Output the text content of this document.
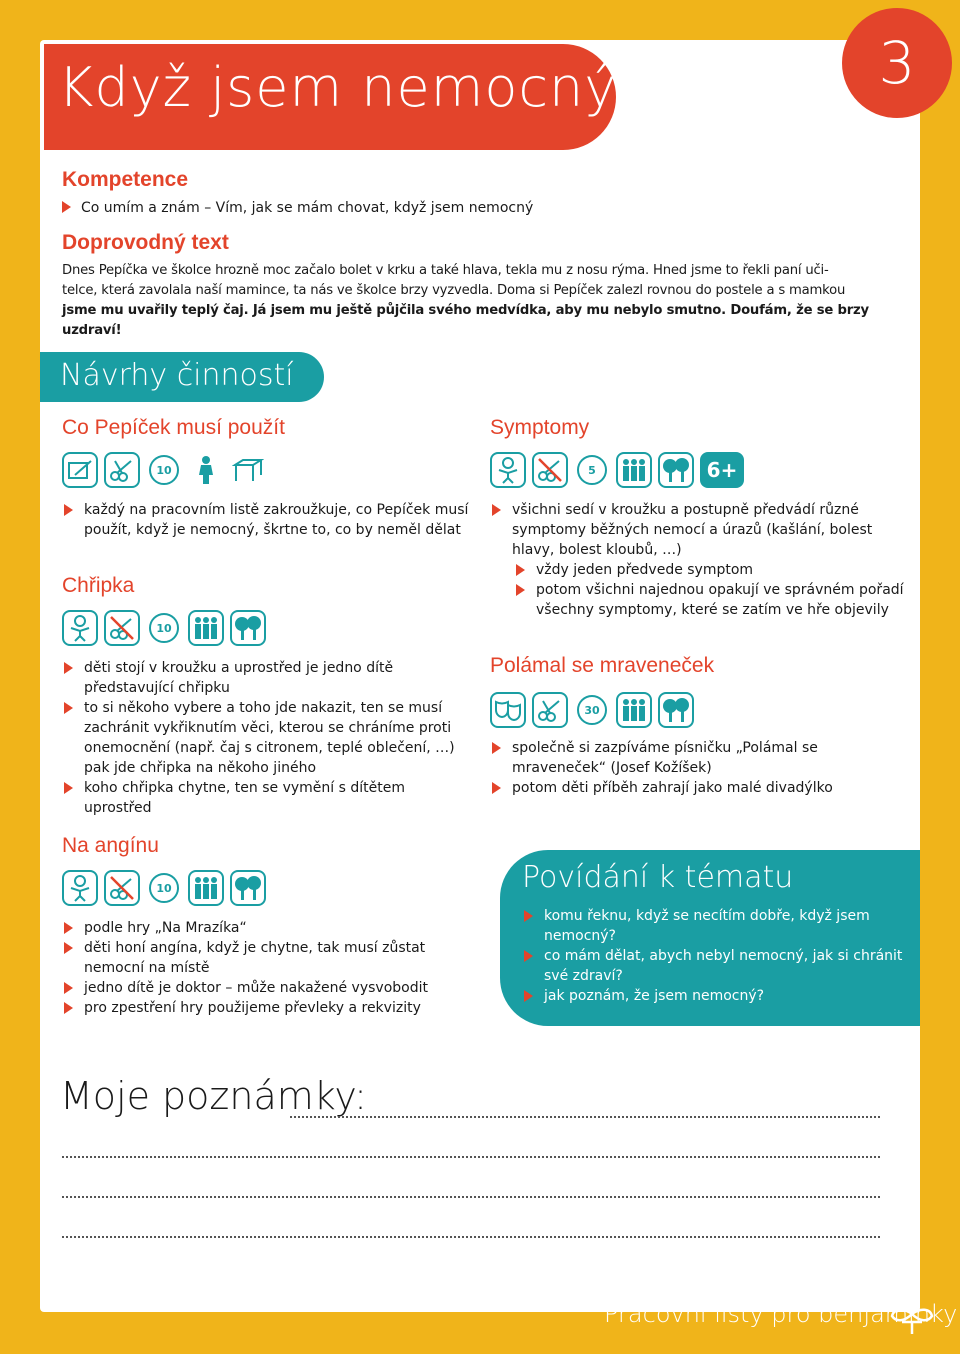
Když jsem nemocný	3
Kompetence
Co umím a znám – Vím, jak se mám chovat, když jsem nemocný
Doprovodný text
Dnes Pepíčka ve školce hrozně moc začalo bolet v krku a také hlava, tekla mu z nosu rýma. Hned jsme to řekli paní uči-
telce, která zavolala naší mamince, ta nás ve školce brzy vyzvedla. Doma si Pepíček zalezl rovnou do postele a s mamkou
jsme mu uvařily teplý čaj. Já jsem mu ještě půjčila svého medvídka, aby mu nebylo smutno. Doufám, že se brzy uzdraví!
Návrhy činností
Co Pepíček musí použít
10
každý na pracovním listě zakroužkuje, co Pepíček musí použít, když je nemocný, škrtne to, co by neměl dělat
Chřipka
10
děti stojí v kroužku a uprostřed je jedno dítě představující chřipku
to si někoho vybere a toho jde nakazit, ten se musí zachránit vykřiknutím věci, kterou se chráníme proti onemocnění (např. čaj s citronem, teplé oblečení, …) pak jde chřipka na někoho jiného
koho chřipka chytne, ten se vymění s dítětem uprostřed
Na angínu
10
podle hry „Na Mrazíka“
děti honí angína, když je chytne, tak musí zůstat nemocní na místě
jedno dítě je doktor – může nakažené vysvobodit
pro zpestření hry použijeme převleky a rekvizity
Symptomy
5	6+
všichni sedí v kroužku a postupně předvádí různé symptomy běžných nemocí a úrazů (kašlání, bolest hlavy, bolest kloubů, …)
vždy jeden předvede symptom
potom všichni najednou opakují ve správném pořadí všechny symptomy, které se zatím ve hře objevily
Polámal se mraveneček
30
společně si zazpíváme písničku „Polámal se mraveneček“ (Josef Kožíšek)
potom děti příběh zahrají jako malé divadýlko
Povídání k tématu
komu řeknu, když se necítím dobře, když jsem nemocný?
co mám dělat, abych nebyl nemocný, jak si chránit své zdraví?
jak poznám, že jsem nemocný?
Moje poznámky:
Pracovní listy pro benjamínky
